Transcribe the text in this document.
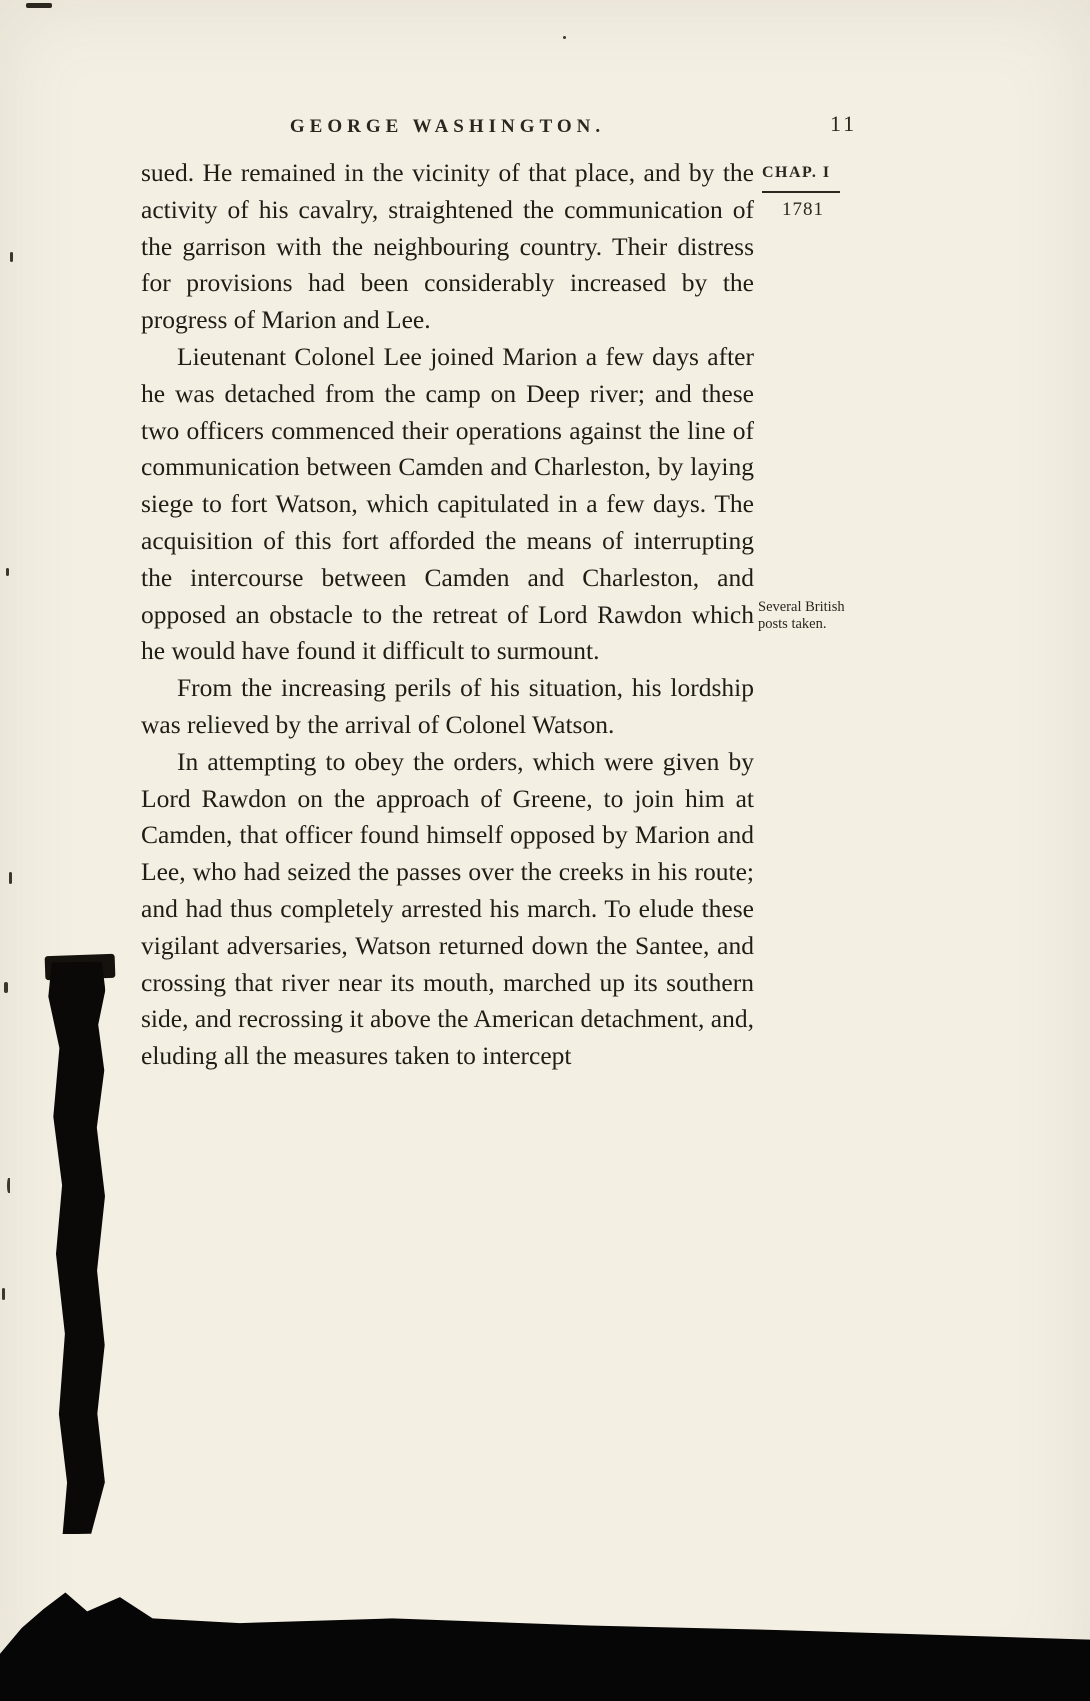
GEORGE WASHINGTON.	11
CHAP. I
1781
Several British posts taken.

sued. He remained in the vicinity of that place, and by the activity of his cavalry, straightened the communication of the garrison with the neighbouring country. Their distress for provisions had been considerably increased by the progress of Marion and Lee.

Lieutenant Colonel Lee joined Marion a few days after he was detached from the camp on Deep river; and these two officers commenced their operations against the line of communication between Camden and Charleston, by laying siege to fort Watson, which capitulated in a few days. The acquisition of this fort afforded the means of interrupting the intercourse between Camden and Charleston, and opposed an obstacle to the retreat of Lord Rawdon which he would have found it difficult to surmount.

From the increasing perils of his situation, his lordship was relieved by the arrival of Colonel Watson.

In attempting to obey the orders, which were given by Lord Rawdon on the approach of Greene, to join him at Camden, that officer found himself opposed by Marion and Lee, who had seized the passes over the creeks in his route; and had thus completely arrested his march. To elude these vigilant adversaries, Watson returned down the Santee, and crossing that river near its mouth, marched up its southern side, and recrossing it above the American detachment, and, eluding all the measures taken to intercept
